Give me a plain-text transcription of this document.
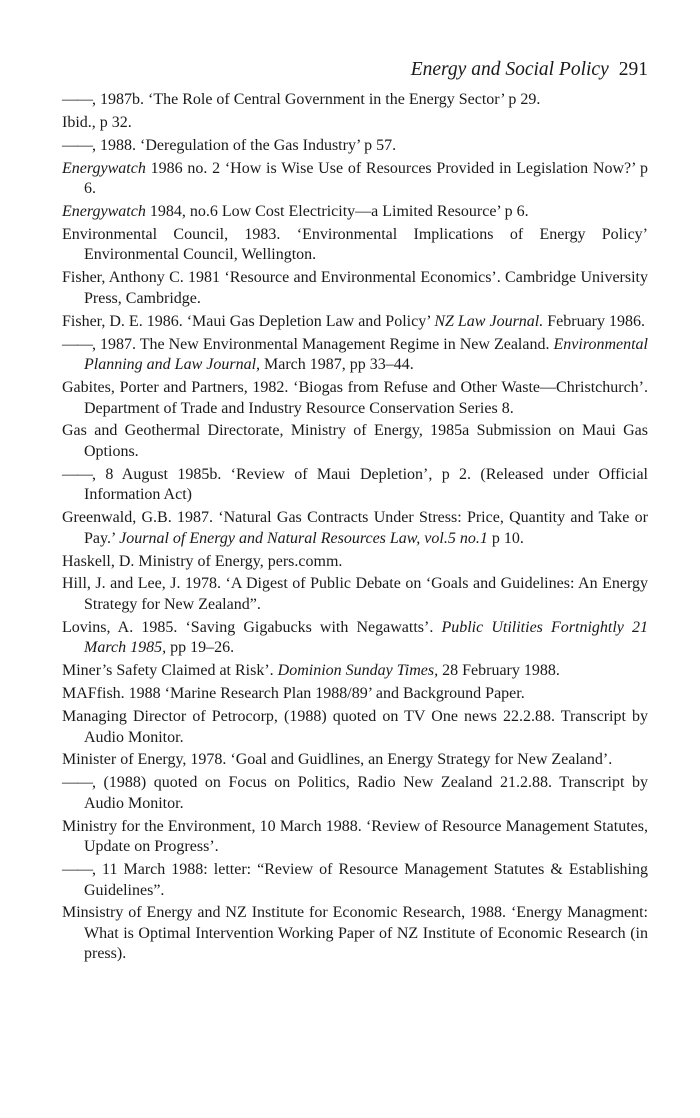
Energy and Social Policy 291

——, 1987b. ‘The Role of Central Government in the Energy Sector’ p 29.

Ibid., p 32.

——, 1988. ‘Deregulation of the Gas Industry’ p 57.

Energywatch 1986 no. 2 ‘How is Wise Use of Resources Provided in Legislation Now?’ p 6.

Energywatch 1984, no.6 Low Cost Electricity—a Limited Resource’ p 6.

Environmental Council, 1983. ‘Environmental Implications of Energy Policy’ Environmental Council, Wellington.

Fisher, Anthony C. 1981 ‘Resource and Environmental Economics’. Cambridge University Press, Cambridge.

Fisher, D. E. 1986. ‘Maui Gas Depletion Law and Policy’ NZ Law Journal. February 1986.

——, 1987. The New Environmental Management Regime in New Zealand. Environmental Planning and Law Journal, March 1987, pp 33–44.

Gabites, Porter and Partners, 1982. ‘Biogas from Refuse and Other Waste—Christchurch’. Department of Trade and Industry Resource Conservation Series 8.

Gas and Geothermal Directorate, Ministry of Energy, 1985a Submission on Maui Gas Options.

——, 8 August 1985b. ‘Review of Maui Depletion’, p 2. (Released under Official Information Act)

Greenwald, G.B. 1987. ‘Natural Gas Contracts Under Stress: Price, Quantity and Take or Pay.’ Journal of Energy and Natural Resources Law, vol.5 no.1 p 10.

Haskell, D. Ministry of Energy, pers.comm.

Hill, J. and Lee, J. 1978. ‘A Digest of Public Debate on ‘Goals and Guidelines: An Energy Strategy for New Zealand”.

Lovins, A. 1985. ‘Saving Gigabucks with Negawatts’. Public Utilities Fortnightly 21 March 1985, pp 19–26.

Miner’s Safety Claimed at Risk’. Dominion Sunday Times, 28 February 1988.

MAFfish. 1988 ‘Marine Research Plan 1988/89’ and Background Paper.

Managing Director of Petrocorp, (1988) quoted on TV One news 22.2.88. Transcript by Audio Monitor.

Minister of Energy, 1978. ‘Goal and Guidlines, an Energy Strategy for New Zealand’.

——, (1988) quoted on Focus on Politics, Radio New Zealand 21.2.88. Transcript by Audio Monitor.

Ministry for the Environment, 10 March 1988. ‘Review of Resource Management Statutes, Update on Progress’.

——, 11 March 1988: letter: “Review of Resource Management Statutes & Establishing Guidelines”.

Minsistry of Energy and NZ Institute for Economic Research, 1988. ‘Energy Managment: What is Optimal Intervention Working Paper of NZ Institute of Economic Research (in press).
